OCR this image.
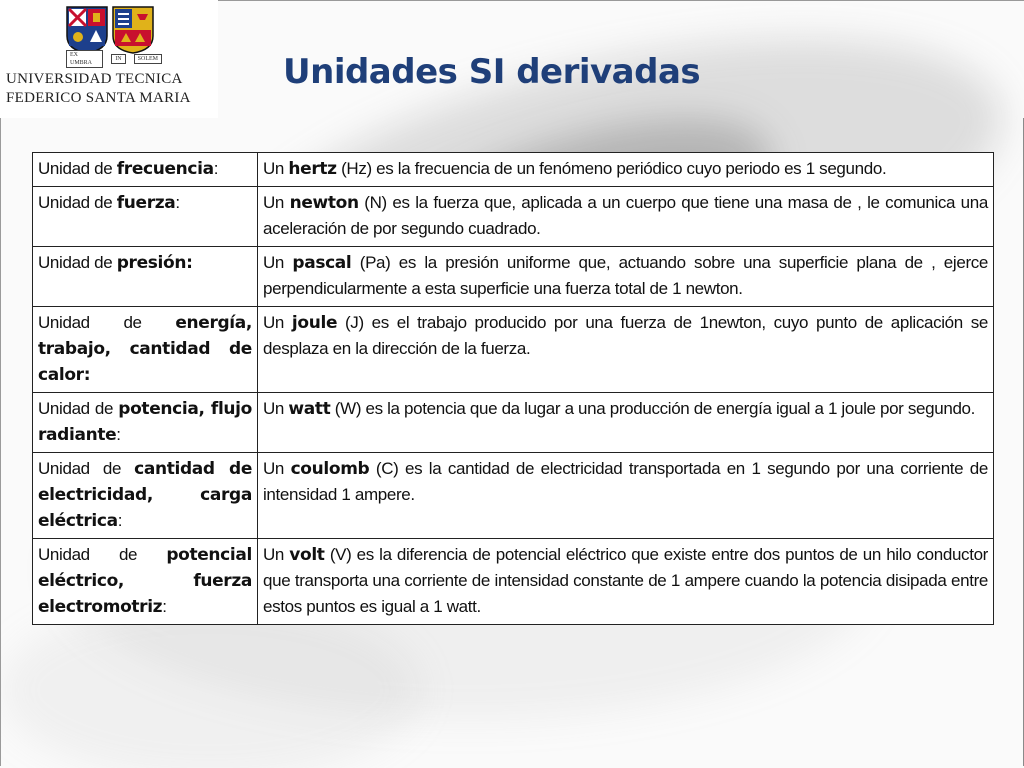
EX UMBRA
IN	SOLEM
UNIVERSIDAD TECNICA
FEDERICO SANTA MARIA
Unidades SI derivadas
Unidad de frecuencia:	Un hertz (Hz) es la frecuencia de un fenómeno periódico cuyo periodo es 1 segundo.
Unidad de fuerza:	Un newton (N) es la fuerza que, aplicada a un cuerpo que tiene una masa de , le comunica una aceleración de por segundo cuadrado.
Unidad de presión:	Un pascal (Pa) es la presión uniforme que, actuando sobre una superficie plana de , ejerce perpendicularmente a esta superficie una fuerza total de 1 newton.
Unidad de energía, trabajo, cantidad de calor:	Un joule (J) es el trabajo producido por una fuerza de 1newton, cuyo punto de aplicación se desplaza en la dirección de la fuerza.
Unidad de potencia, flujo radiante:	Un watt (W) es la potencia que da lugar a una producción de energía igual a 1 joule por segundo.
Unidad de cantidad de electricidad, carga eléctrica:	Un coulomb (C) es la cantidad de electricidad transportada en 1 segundo por una corriente de intensidad 1 ampere.
Unidad de potencial eléctrico, fuerza electromotriz:	Un volt (V) es la diferencia de potencial eléctrico que existe entre dos puntos de un hilo conductor que transporta una corriente de intensidad constante de 1 ampere cuando la potencia disipada entre estos puntos es igual a 1 watt.
